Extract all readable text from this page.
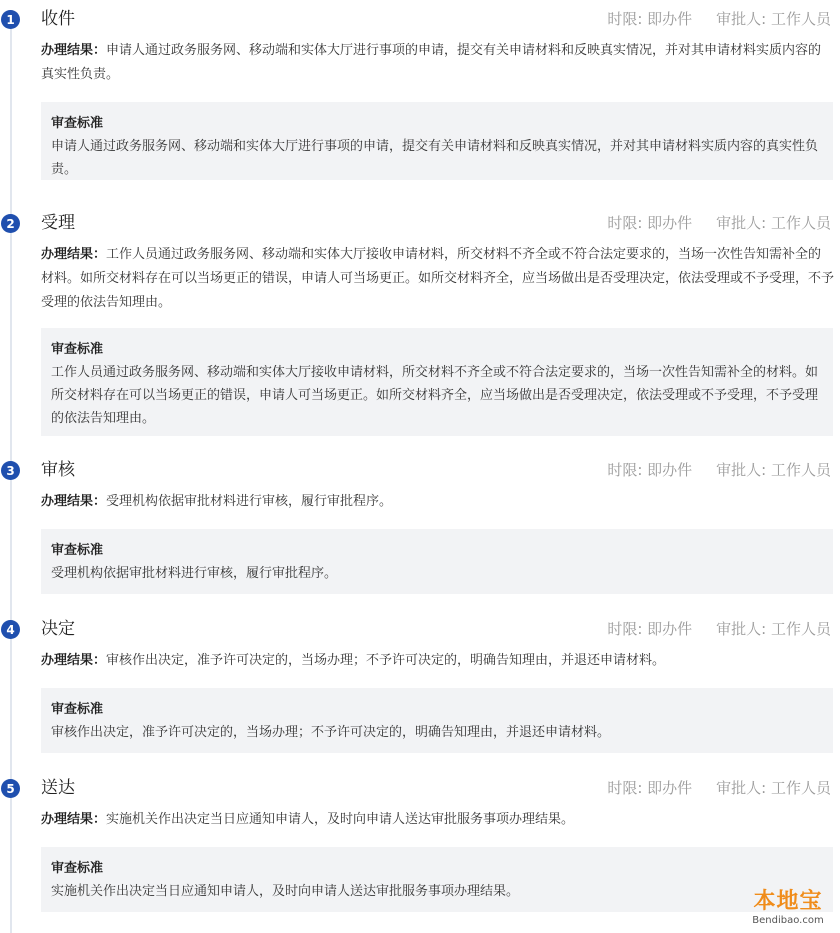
1	收件	时限: 即办件 审批人: 工作人员
办理结果：申请人通过政务服务网、移动端和实体大厅进行事项的申请，提交有关申请材料和反映真实情况，并对其申请材料实质内容的真实性负责。
审查标准
申请人通过政务服务网、移动端和实体大厅进行事项的申请，提交有关申请材料和反映真实情况，并对其申请材料实质内容的真实性负责。
2	受理	时限: 即办件 审批人: 工作人员
办理结果：工作人员通过政务服务网、移动端和实体大厅接收申请材料，所交材料不齐全或不符合法定要求的，当场一次性告知需补全的材料。如所交材料存在可以当场更正的错误，申请人可当场更正。如所交材料齐全，应当场做出是否受理决定，依法受理或不予受理，不予受理的依法告知理由。
审查标准
工作人员通过政务服务网、移动端和实体大厅接收申请材料，所交材料不齐全或不符合法定要求的，当场一次性告知需补全的材料。如所交材料存在可以当场更正的错误，申请人可当场更正。如所交材料齐全，应当场做出是否受理决定，依法受理或不予受理，不予受理的依法告知理由。
3	审核	时限: 即办件 审批人: 工作人员
办理结果：受理机构依据审批材料进行审核，履行审批程序。
审查标准
受理机构依据审批材料进行审核，履行审批程序。
4	决定	时限: 即办件 审批人: 工作人员
办理结果：审核作出决定，准予许可决定的，当场办理；不予许可决定的，明确告知理由，并退还申请材料。
审查标准
审核作出决定，准予许可决定的，当场办理；不予许可决定的，明确告知理由，并退还申请材料。
5	送达	时限: 即办件 审批人: 工作人员
办理结果：实施机关作出决定当日应通知申请人，及时向申请人送达审批服务事项办理结果。
审查标准
实施机关作出决定当日应通知申请人，及时向申请人送达审批服务事项办理结果。	本地宝
Bendibao.com
